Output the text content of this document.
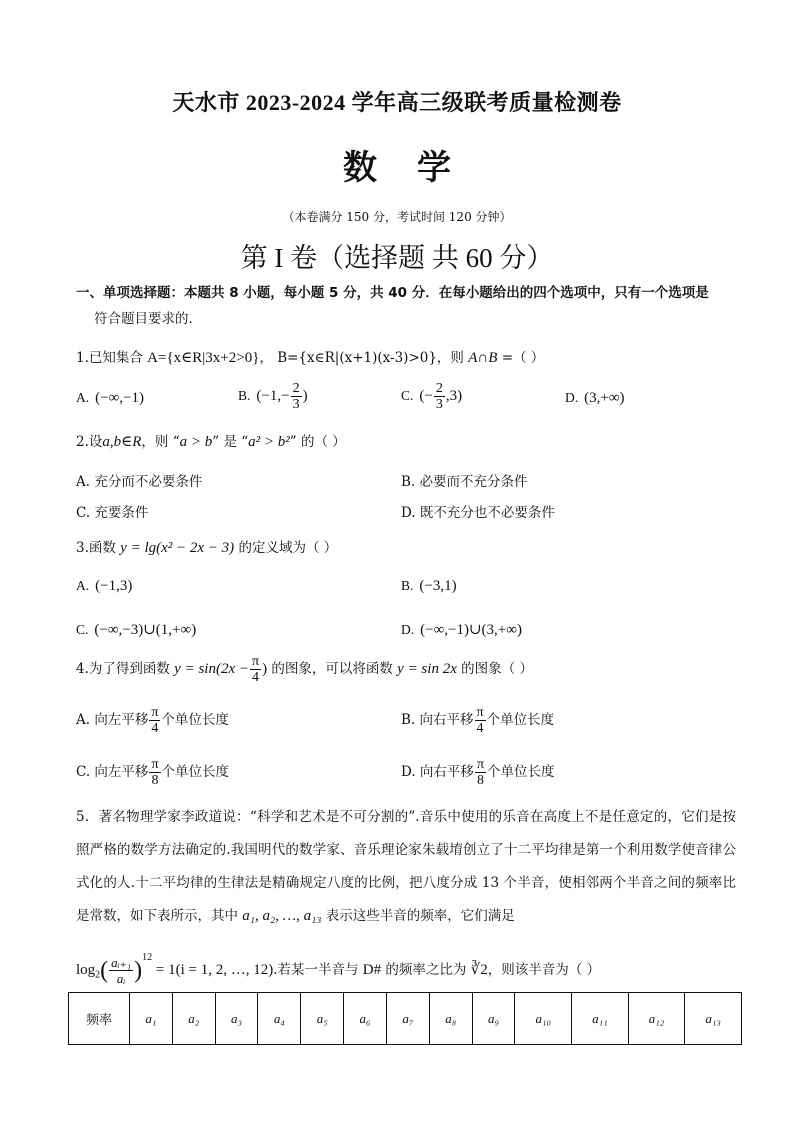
天水市 2023-2024 学年高三级联考质量检测卷
数学
（本卷满分 150 分，考试时间 120 分钟）
第 I 卷（选择题 共 60 分）
一、单项选择题：本题共 8 小题，每小题 5 分，共 40 分．在每小题给出的四个选项中，只有一个选项是
符合题目要求的.
1.已知集合 A={x∈R|3x+2>0}， B={x∈R|(x+1)(x-3)>0}，则 A∩B =（ ）
A. (−∞,−1)	B. ($-1,- \frac{2}{3}$ )	C. (− $\frac{2}{3} ,3$)	D. (3,+∞)
2.设a,b∈R，则 “a > b” 是 “a² > b²” 的（ ）
A. 充分而不必要条件	B. 必要而不充分条件
C. 充要条件	D. 既不充分也不必要条件
3.函数 y = lg(x² − 2x − 3) 的定义域为（ ）
A. (−1,3)	B. (−3,1)
C. (−∞,−3)∪(1,+∞)	D. (−∞,−1)∪(3,+∞)
4.为了得到函数 $y = \sin(2x - \frac{\pi}{4}$ ) 的图象，可以将函数 y = sin 2x 的图象（ ）
A. 向左平移 $\frac{\pi}{4}$ 个单位长度	B. 向右平移 $\frac{\pi}{4}$ 个单位长度
C. 向左平移 $\frac{\pi}{8}$ 个单位长度	D. 向右平移 $\frac{\pi}{8}$ 个单位长度
5．著名物理学家李政道说：“科学和艺术是不可分割的”.音乐中使用的乐音在高度上不是任意定的，它们是按照严格的数学方法确定的.我国明代的数学家、音乐理论家朱载堉创立了十二平均律是第一个利用数学使音律公式化的人.十二平均律的生律法是精确规定八度的比例，把八度分成 13 个半音，使相邻两个半音之间的频率比是常数，如下表所示，其中 a₁, a₂, …, a₁₃ 表示这些半音的频率，它们满足
$\log_2( \frac{\text{aᵢ₊₁}}{\text{aᵢ}} )^{12} = 1(i = 1$, 2, …, 12).若某一半音与 D# 的频率之比为 ∛2，则该半音为（ ）
频率	a₁	a₂	a₃	a₄	a₅	a₆	a₇	a₈	a₉	a₁₀	a₁₁	a₁₂	a₁₃
